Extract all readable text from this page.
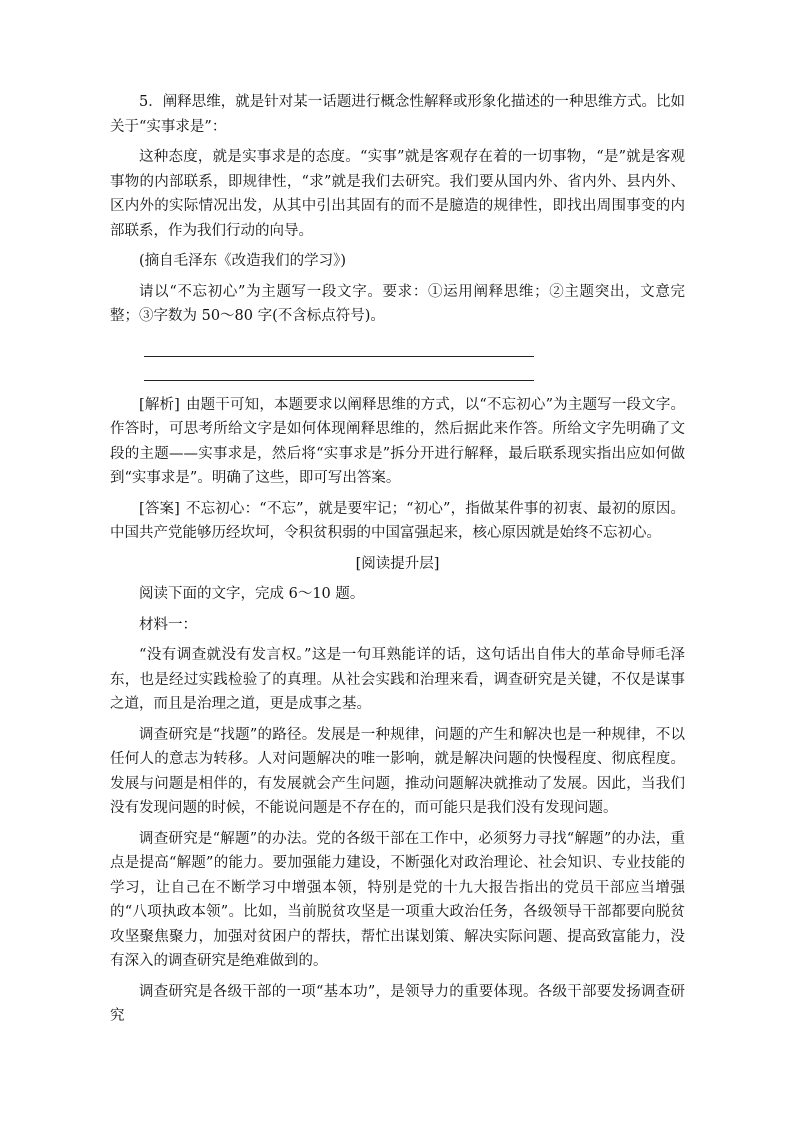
5．阐释思维，就是针对某一话题进行概念性解释或形象化描述的一种思维方式。比如关于“实事求是”：

这种态度，就是实事求是的态度。“实事”就是客观存在着的一切事物，“是”就是客观事物的内部联系，即规律性，“求”就是我们去研究。我们要从国内外、省内外、县内外、区内外的实际情况出发，从其中引出其固有的而不是臆造的规律性，即找出周围事变的内部联系，作为我们行动的向导。

(摘自毛泽东《改造我们的学习》)

请以“不忘初心”为主题写一段文字。要求：①运用阐释思维；②主题突出，文意完整；③字数为 50～80 字(不含标点符号)。

[解析] 由题干可知，本题要求以阐释思维的方式，以“不忘初心”为主题写一段文字。作答时，可思考所给文字是如何体现阐释思维的，然后据此来作答。所给文字先明确了文段的主题——实事求是，然后将“实事求是”拆分开进行解释，最后联系现实指出应如何做到“实事求是”。明确了这些，即可写出答案。

[答案] 不忘初心：“不忘”，就是要牢记；“初心”，指做某件事的初衷、最初的原因。中国共产党能够历经坎坷，令积贫积弱的中国富强起来，核心原因就是始终不忘初心。

[阅读提升层]

阅读下面的文字，完成 6～10 题。

材料一：

“没有调查就没有发言权。”这是一句耳熟能详的话，这句话出自伟大的革命导师毛泽东，也是经过实践检验了的真理。从社会实践和治理来看，调查研究是关键，不仅是谋事之道，而且是治理之道，更是成事之基。

调查研究是“找题”的路径。发展是一种规律，问题的产生和解决也是一种规律，不以任何人的意志为转移。人对问题解决的唯一影响，就是解决问题的快慢程度、彻底程度。发展与问题是相伴的，有发展就会产生问题，推动问题解决就推动了发展。因此，当我们没有发现问题的时候，不能说问题是不存在的，而可能只是我们没有发现问题。

调查研究是“解题”的办法。党的各级干部在工作中，必须努力寻找“解题”的办法，重点是提高“解题”的能力。要加强能力建设，不断强化对政治理论、社会知识、专业技能的学习，让自己在不断学习中增强本领，特别是党的十九大报告指出的党员干部应当增强的“八项执政本领”。比如，当前脱贫攻坚是一项重大政治任务，各级领导干部都要向脱贫攻坚聚焦聚力，加强对贫困户的帮扶，帮忙出谋划策、解决实际问题、提高致富能力，没有深入的调查研究是绝难做到的。

调查研究是各级干部的一项“基本功”，是领导力的重要体现。各级干部要发扬调查研究
